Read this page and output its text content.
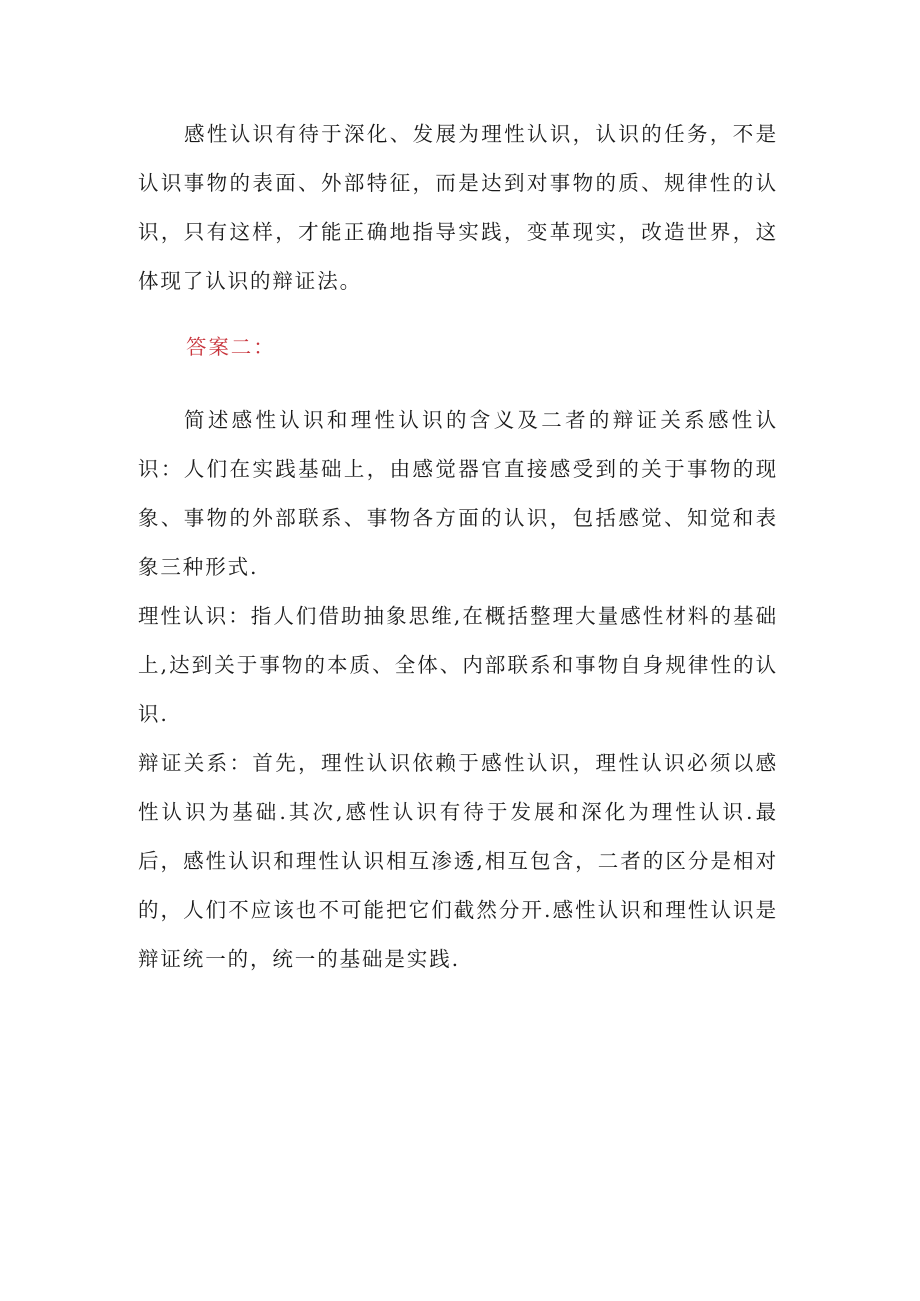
感性认识有待于深化、发展为理性认识，认识的任务，不是认识事物的表面、外部特征，而是达到对事物的质、规律性的认识，只有这样，才能正确地指导实践，变革现实，改造世界，这体现了认识的辩证法。

答案二：

简述感性认识和理性认识的含义及二者的辩证关系感性认识：人们在实践基础上，由感觉器官直接感受到的关于事物的现象、事物的外部联系、事物各方面的认识，包括感觉、知觉和表象三种形式.

理性认识：指人们借助抽象思维,在概括整理大量感性材料的基础上,达到关于事物的本质、全体、内部联系和事物自身规律性的认识.

辩证关系：首先，理性认识依赖于感性认识，理性认识必须以感性认识为基础.其次,感性认识有待于发展和深化为理性认识.最后，感性认识和理性认识相互渗透,相互包含，二者的区分是相对的，人们不应该也不可能把它们截然分开.感性认识和理性认识是辩证统一的，统一的基础是实践.
